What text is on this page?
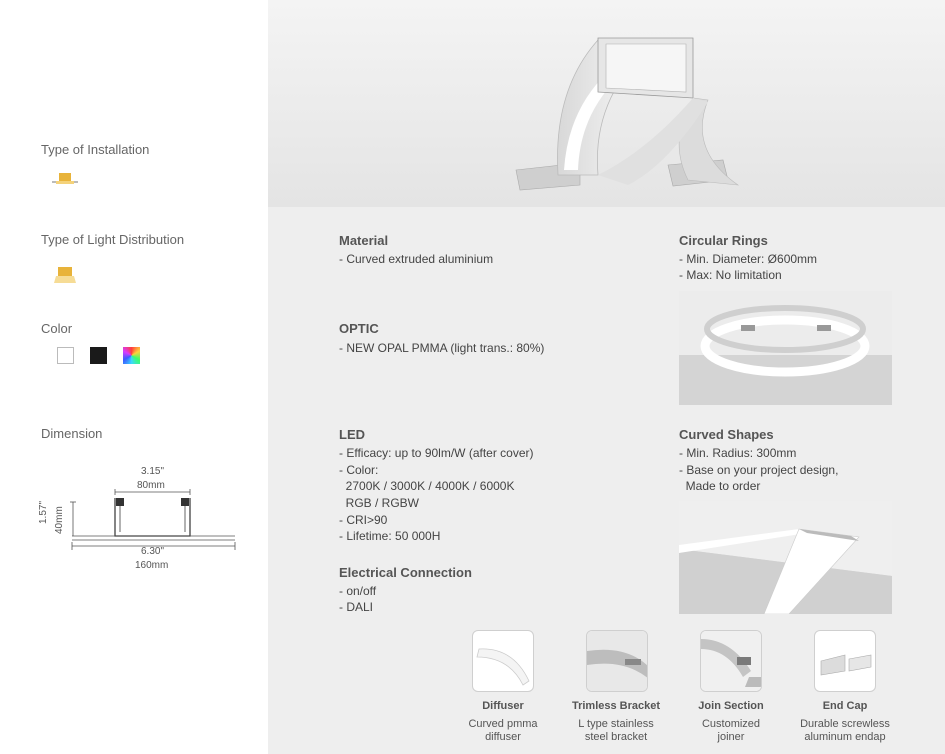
Type of Installation
Type of Light Distribution
Color
Dimension
3.15"
80mm
1.57" 40mm
6.30"
160mm
Material
- Curved extruded aluminium
OPTIC
- NEW OPAL PMMA (light trans.: 80%)
LED
- Efficacy: up to 90lm/W (after cover)
- Color:
2700K / 3000K / 4000K / 6000K
RGB / RGBW
- CRI>90
- Lifetime: 50 000H
Electrical Connection
- on/off
- DALI
Circular Rings
- Min. Diameter: Ø600mm
- Max: No limitation
Curved Shapes
- Min. Radius: 300mm
- Base on your project design,
Made to order
Diffuser
Curved pmma
diffuser
Trimless Bracket
L type stainless
steel bracket
Join Section
Customized
joiner
End Cap
Durable screwless
aluminum endap
